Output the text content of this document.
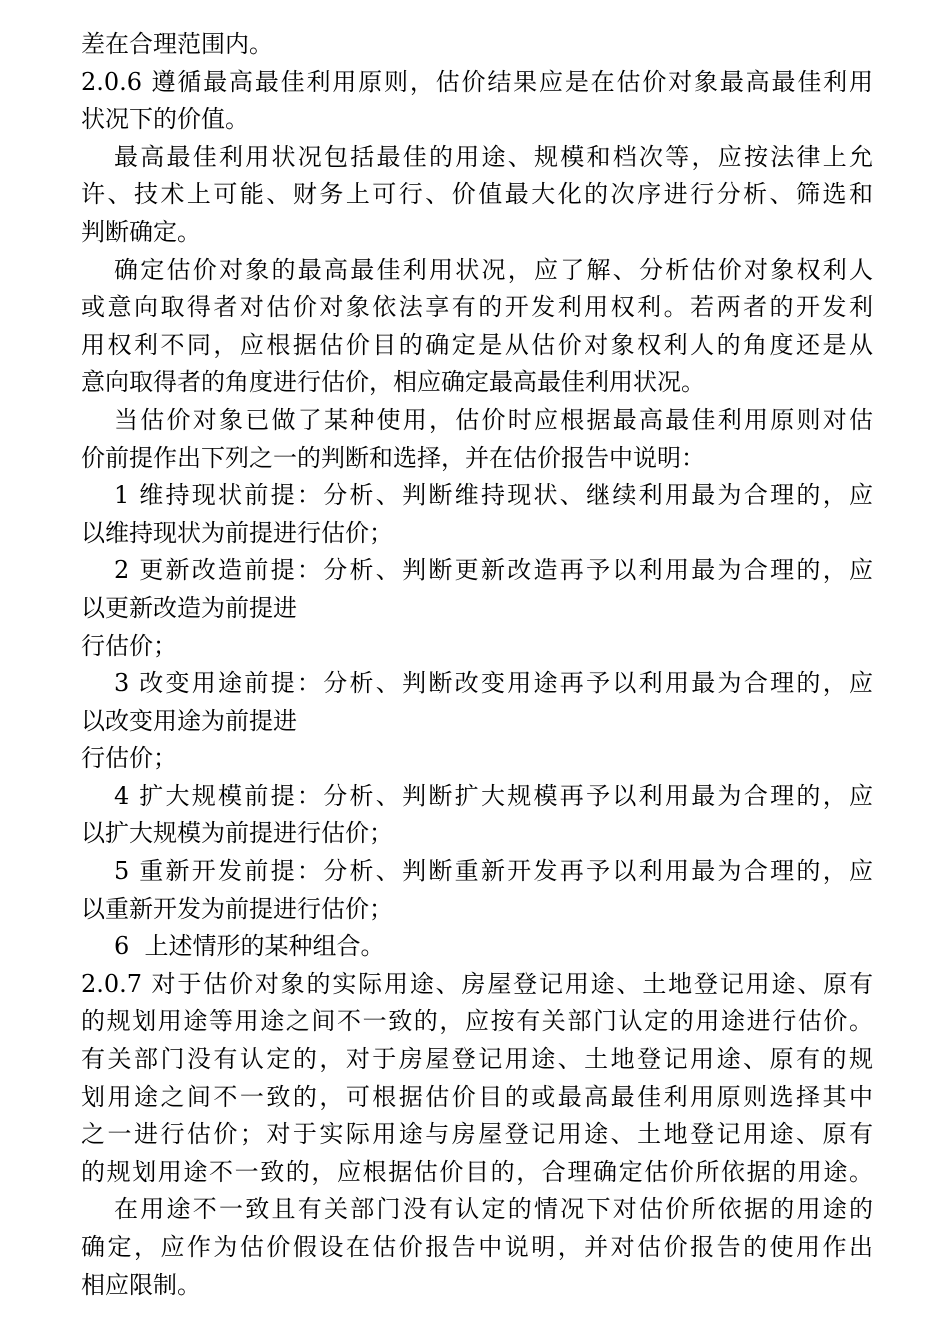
差在合理范围内。
2.0.6 遵循最高最佳利用原则，估价结果应是在估价对象最高最佳利用
状况下的价值。
最高最佳利用状况包括最佳的用途、规模和档次等，应按法律上允
许、技术上可能、财务上可行、价值最大化的次序进行分析、筛选和
判断确定。
确定估价对象的最高最佳利用状况，应了解、分析估价对象权利人
或意向取得者对估价对象依法享有的开发利用权利。若两者的开发利
用权利不同，应根据估价目的确定是从估价对象权利人的角度还是从
意向取得者的角度进行估价，相应确定最高最佳利用状况。
当估价对象已做了某种使用，估价时应根据最高最佳利用原则对估
价前提作出下列之一的判断和选择，并在估价报告中说明：
1 维持现状前提：分析、判断维持现状、继续利用最为合理的，应
以维持现状为前提进行估价；
2 更新改造前提：分析、判断更新改造再予以利用最为合理的，应
以更新改造为前提进
行估价；
3 改变用途前提：分析、判断改变用途再予以利用最为合理的，应
以改变用途为前提进
行估价；
4 扩大规模前提：分析、判断扩大规模再予以利用最为合理的，应
以扩大规模为前提进行估价；
5 重新开发前提：分析、判断重新开发再予以利用最为合理的，应
以重新开发为前提进行估价；
6  上述情形的某种组合。
2.0.7 对于估价对象的实际用途、房屋登记用途、土地登记用途、原有
的规划用途等用途之间不一致的，应按有关部门认定的用途进行估价。
有关部门没有认定的，对于房屋登记用途、土地登记用途、原有的规
划用途之间不一致的，可根据估价目的或最高最佳利用原则选择其中
之一进行估价；对于实际用途与房屋登记用途、土地登记用途、原有
的规划用途不一致的，应根据估价目的，合理确定估价所依据的用途。
在用途不一致且有关部门没有认定的情况下对估价所依据的用途的
确定，应作为估价假设在估价报告中说明，并对估价报告的使用作出
相应限制。
